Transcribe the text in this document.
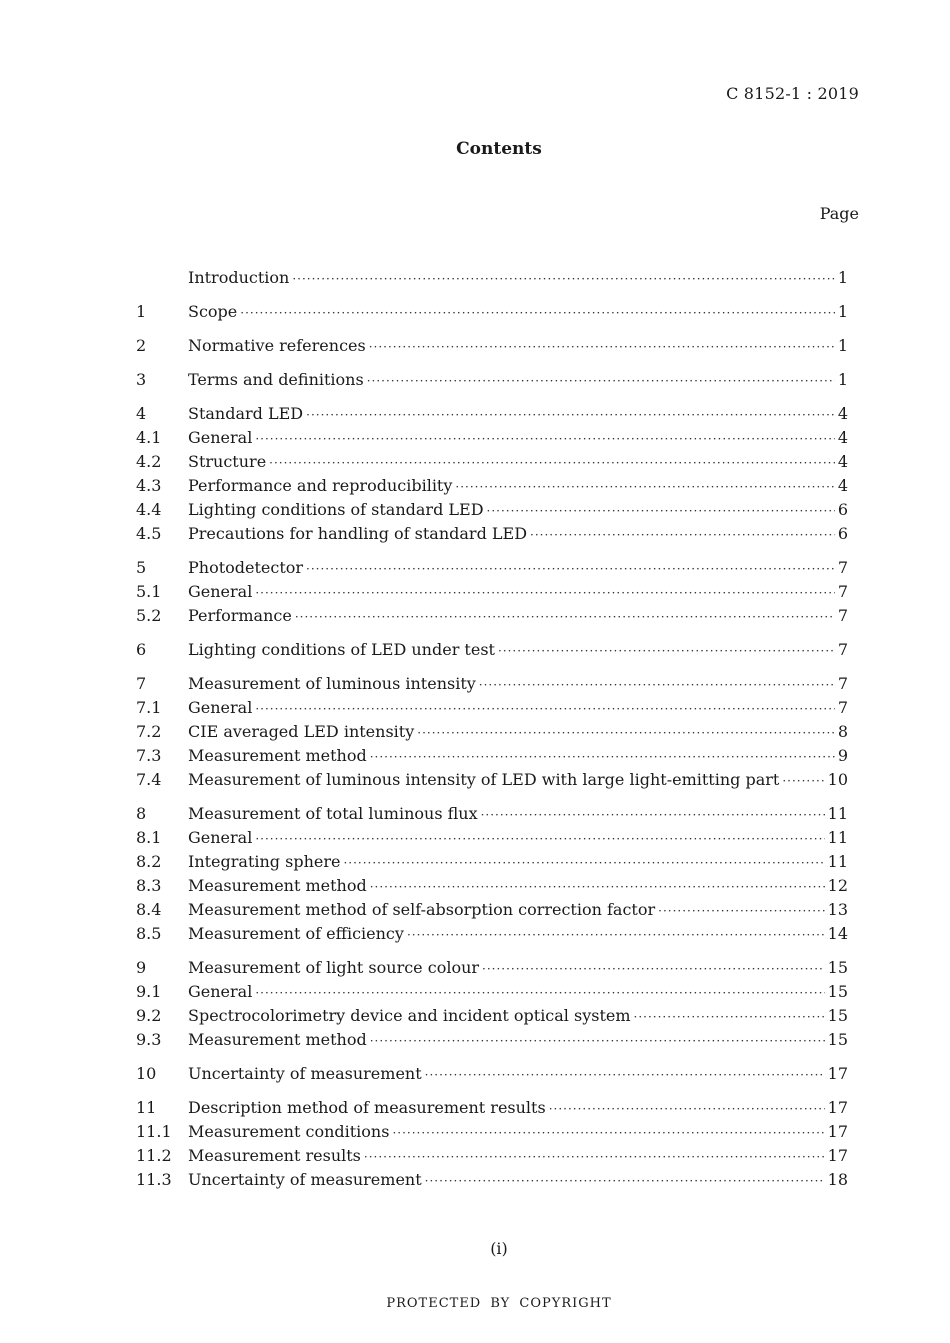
C 8152-1 : 2019
Contents
Page
Introduction ·····	1
1	Scope ·····	1
2	Normative references ·····	1
3	Terms and definitions ·····	1
4	Standard LED ·····	4
4.1	General ·····	4
4.2	Structure ·····	4
4.3	Performance and reproducibility ·····	4
4.4	Lighting conditions of standard LED ·····	6
4.5	Precautions for handling of standard LED ·····	6
5	Photodetector ·····	7
5.1	General ·····	7
5.2	Performance ·····	7
6	Lighting conditions of LED under test ·····	7
7	Measurement of luminous intensity ·····	7
7.1	General ·····	7
7.2	CIE averaged LED intensity ·····	8
7.3	Measurement method ·····	9
7.4	Measurement of luminous intensity of LED with large light-emitting part ·····	10
8	Measurement of total luminous flux ·····	11
8.1	General ·····	11
8.2	Integrating sphere ·····	11
8.3	Measurement method ·····	12
8.4	Measurement method of self-absorption correction factor ·····	13
8.5	Measurement of efficiency ·····	14
9	Measurement of light source colour ·····	15
9.1	General ·····	15
9.2	Spectrocolorimetry device and incident optical system ·····	15
9.3	Measurement method ·····	15
10	Uncertainty of measurement ·····	17
11	Description method of measurement results ·····	17
11.1	Measurement conditions ·····	17
11.2	Measurement results ·····	17
11.3	Uncertainty of measurement ·····	18
(i)
PROTECTED BY COPYRIGHT
